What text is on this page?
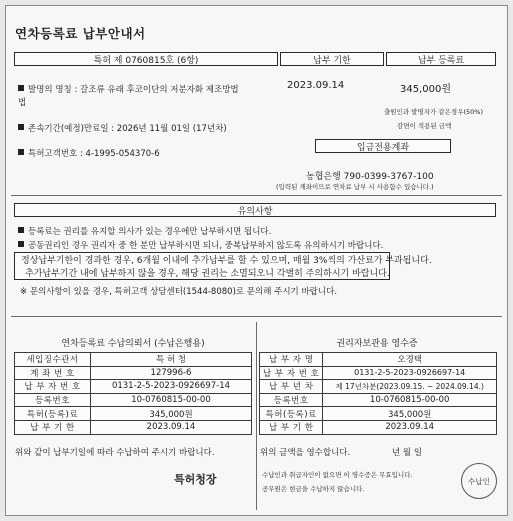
연차등록료 납부안내서
특허 제 0760815호 (6항)	납부 기한	납부 등록료
발명의 명칭 : 갈조류 유래 후코이단의 저분자화 제조방법
법
2023.09.14	345,000원
출원인과 발명자가 같은경우(50%)
감면이 적용된 금액
존속기간(예정)만료일 : 2026년 11월 01일 (17년차)
입금전용계좌
특허고객번호 : 4-1995-054370-6
농협은행 790-0399-3767-100
(입력된 계좌이므로 연차료 납부 시 사용함수 있습니다.)
유의사항
등록료는 권리를 유지할 의사가 있는 경우에만 납부하시면 됩니다.
공동권리인 경우 권리자 중 한 분만 납부하시면 되니, 중복납부하지 않도록 유의하시기 바랍니다.
정상납부기한이 경과한 경우, 6개월 이내에 추가납부를 할 수 있으며, 매월 3%씩의 가산료가 부과됩니다.
추가납부기간 내에 납부하지 않을 경우, 해당 권리는 소멸되오니 각별히 주의하시기 바랍니다.
※ 문의사항이 있을 경우, 특허고객 상담센터(1544-8080)로 문의해 주시기 바랍니다.
연차등록료 수납의뢰서 (수납은행용)
세입징수관서	특 허 청
계 좌 번 호	127996-6
납 부 자 번 호	0131-2-5-2023-0926697-14
등록번호	10-0760815-00-00
특허(등록)료	345,000원
납 부 기 한	2023.09.14
위와 같이 납부기일에 따라 수납하여 주시기 바랍니다.
특허청장
권리자보관용 영수증
납 부 자 명	오경택
납 부 자 번 호	0131-2-5-2023-0926697-14
납 부 년 차	제 17년차분(2023.09.15. ~ 2024.09.14.)
등록번호	10-0760815-00-00
특허(등록)료	345,000원
납 부 기 한	2023.09.14
위의 금액을 영수합니다.	년 월 일
수납인과 취급자인이 없으면 이 영수증은 무효입니다.
공무원은 현금을 수납하지 않습니다.
수납인
